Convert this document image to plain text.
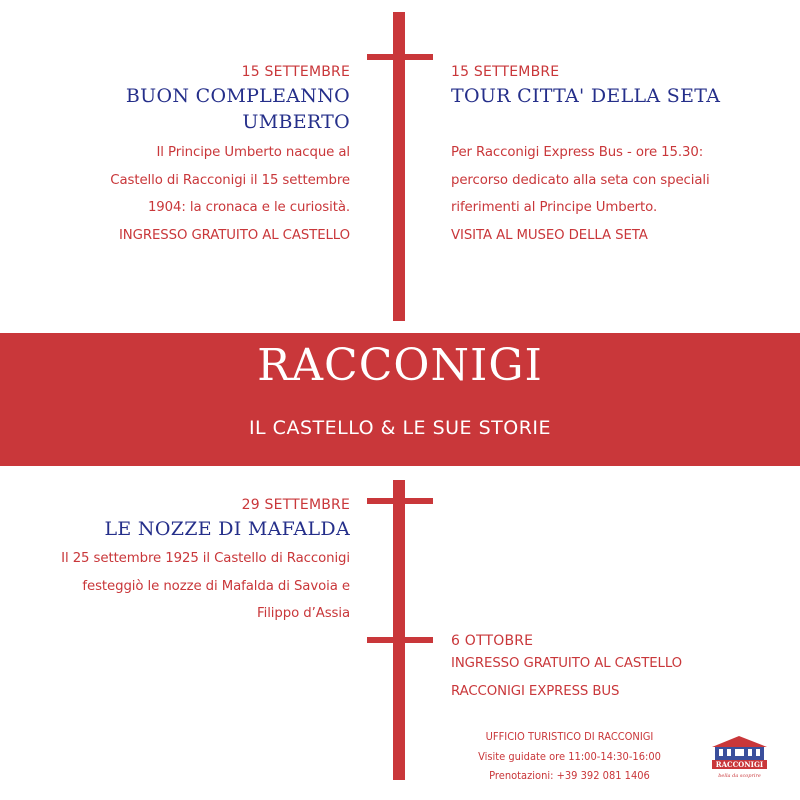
15 SETTEMBRE
BUON COMPLEANNO
UMBERTO
Il Principe Umberto nacque al
Castello di Racconigi il 15 settembre
1904: la cronaca e le curiosità.
INGRESSO GRATUITO AL CASTELLO
15 SETTEMBRE
TOUR CITTA' DELLA SETA
Per Racconigi Express Bus - ore 15.30:
percorso dedicato alla seta con speciali
riferimenti al Principe Umberto.
VISITA AL MUSEO DELLA SETA
RACCONIGI
IL CASTELLO & LE SUE STORIE
29 SETTEMBRE
LE NOZZE DI MAFALDA
Il 25 settembre 1925 il Castello di Racconigi
festeggiò le nozze di Mafalda di Savoia e
Filippo d’Assia
6 OTTOBRE
INGRESSO GRATUITO AL CASTELLO
RACCONIGI EXPRESS BUS
UFFICIO TURISTICO DI RACCONIGI
Visite guidate ore 11:00-14:30-16:00
Prenotazioni: +39 392 081 1406
RACCONIGI
bella da scoprire
